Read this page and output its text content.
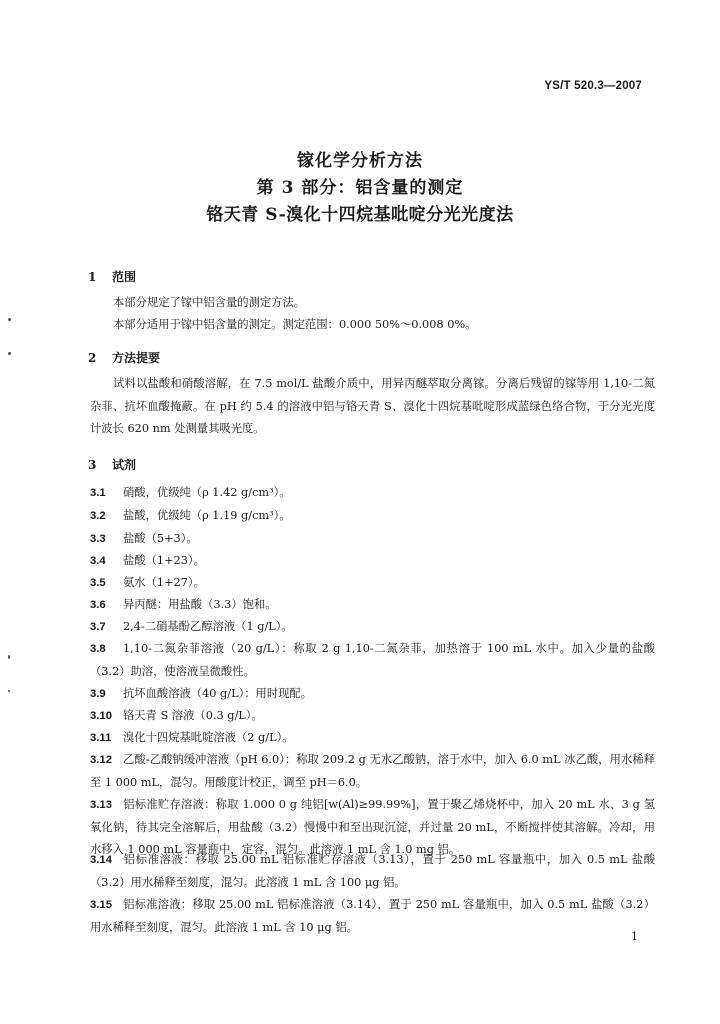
YS/T 520.3—2007
镓化学分析方法
第 3 部分：铝含量的测定
铬天青 S-溴化十四烷基吡啶分光光度法
1 范围
本部分规定了镓中铝含量的测定方法。
本部分适用于镓中铝含量的测定。测定范围：0.000 50%～0.008 0%。
2 方法提要
试料以盐酸和硝酸溶解，在 7.5 mol/L 盐酸介质中，用异丙醚萃取分离镓。分离后残留的镓等用 1,10-二氮杂菲、抗坏血酸掩蔽。在 pH 约 5.4 的溶液中铝与铬天青 S、溴化十四烷基吡啶形成蓝绿色络合物，于分光光度计波长 620 nm 处测量其吸光度。
3 试剂
3.1 硝酸，优级纯（ρ 1.42 g/cm³）。
3.2 盐酸，优级纯（ρ 1.19 g/cm³）。
3.3 盐酸（5+3）。
3.4 盐酸（1+23）。
3.5 氨水（1+27）。
3.6 异丙醚：用盐酸（3.3）饱和。
3.7 2,4-二硝基酚乙醇溶液（1 g/L）。
3.8 1,10-二氮杂菲溶液（20 g/L）：称取 2 g 1,10-二氮杂菲，加热溶于 100 mL 水中。加入少量的盐酸（3.2）助溶，使溶液呈微酸性。
3.9 抗坏血酸溶液（40 g/L）：用时现配。
3.10 铬天青 S 溶液（0.3 g/L）。
3.11 溴化十四烷基吡啶溶液（2 g/L）。
3.12 乙酸-乙酸钠缓冲溶液（pH 6.0）：称取 209.2 g 无水乙酸钠，溶于水中，加入 6.0 mL 冰乙酸，用水稀释至 1 000 mL，混匀。用酸度计校正，调至 pH＝6.0。
3.13 铝标准贮存溶液：称取 1.000 0 g 纯铝[w(Al)≥99.99%]，置于聚乙烯烧杯中，加入 20 mL 水、3 g 氢氧化钠，待其完全溶解后，用盐酸（3.2）慢慢中和至出现沉淀，并过量 20 mL，不断搅拌使其溶解。冷却，用水移入 1 000 mL 容量瓶中，定容，混匀。此溶液 1 mL 含 1.0 mg 铝。
3.14 铝标准溶液：移取 25.00 mL 铝标准贮存溶液（3.13），置于 250 mL 容量瓶中，加入 0.5 mL 盐酸（3.2）用水稀释至刻度，混匀。此溶液 1 mL 含 100 μg 铝。
3.15 铝标准溶液：移取 25.00 mL 铝标准溶液（3.14），置于 250 mL 容量瓶中，加入 0.5 mL 盐酸（3.2）用水稀释至刻度，混匀。此溶液 1 mL 含 10 μg 铝。
1
